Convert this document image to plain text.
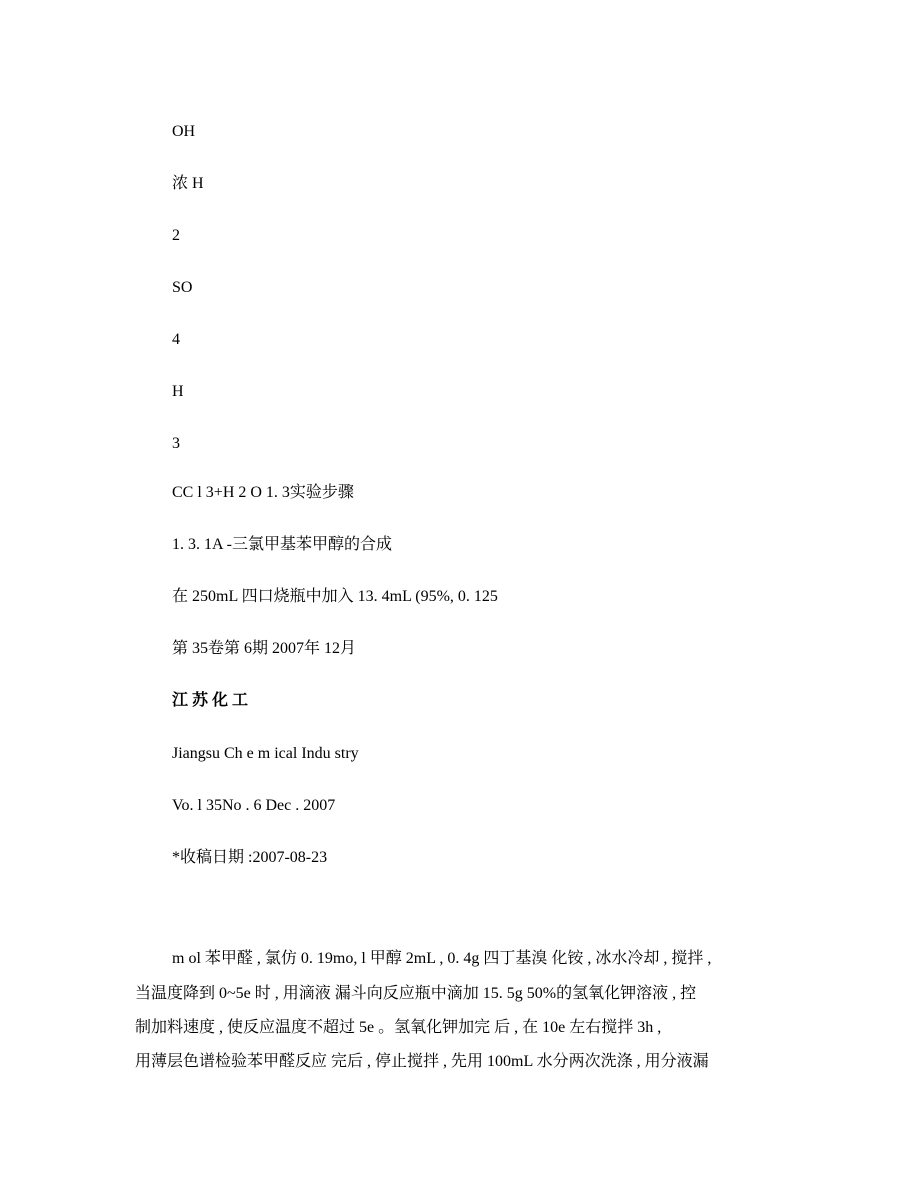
OH
浓 H
2
SO
4
H
3
CC l 3+H 2 O 1. 3实验步骤
1. 3. 1A -三氯甲基苯甲醇的合成
在 250mL 四口烧瓶中加入 13. 4mL (95%, 0. 125
第 35卷第 6期 2007年 12月
江 苏 化 工
Jiangsu Ch e m ical Indu stry
Vo. l 35No . 6 Dec . 2007
*收稿日期 :2007-08-23
m ol 苯甲醛 , 氯仿 0. 19mo, l 甲醇 2mL , 0. 4g 四丁基溴 化铵 , 冰水冷却 , 搅拌 ,
当温度降到 0~5e 时 , 用滴液 漏斗向反应瓶中滴加 15. 5g 50%的氢氧化钾溶液 , 控
制加料速度 , 使反应温度不超过 5e 。氢氧化钾加完 后 , 在 10e 左右搅拌 3h ,
用薄层色谱检验苯甲醛反应 完后 , 停止搅拌 , 先用 100mL 水分两次洗涤 , 用分液漏
